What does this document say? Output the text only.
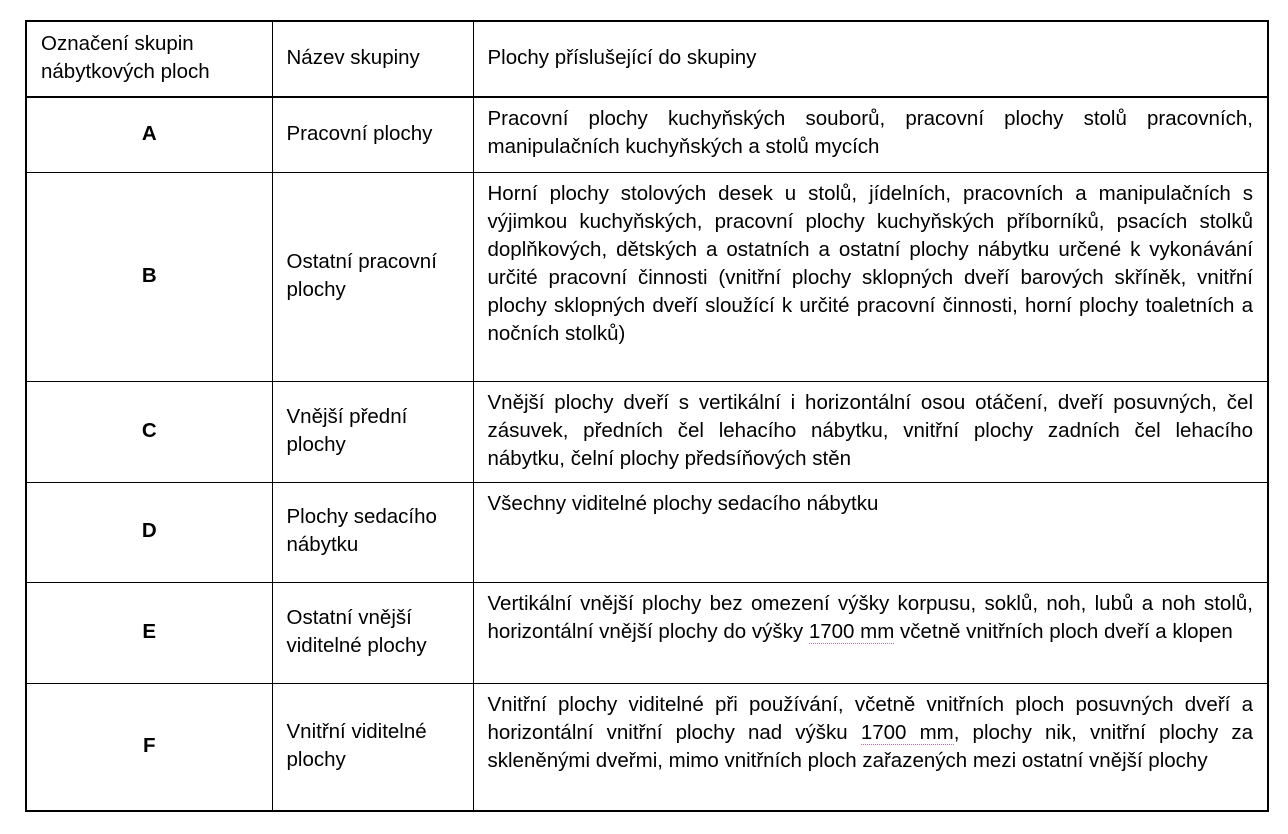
Označení skupin nábytkových ploch	Název skupiny	Plochy příslušející do skupiny
A	Pracovní plochy	Pracovní plochy kuchyňských souborů, pracovní plochy stolů pracovních, manipulačních kuchyňských a stolů mycích
B	Ostatní pracovní plochy	Horní plochy stolových desek u stolů, jídelních, pracovních a manipulačních s výjimkou kuchyňských, pracovní plochy kuchyňských příborníků, psacích stolků doplňkových, dětských a ostatních a ostatní plochy nábytku určené k vykonávání určité pracovní činnosti (vnitřní plochy sklopných dveří barových skříněk, vnitřní plochy sklopných dveří sloužící k určité pracovní činnosti, horní plochy toaletních a nočních stolků)
C	Vnější přední plochy	Vnější plochy dveří s vertikální i horizontální osou otáčení, dveří posuvných, čel zásuvek, předních čel lehacího nábytku, vnitřní plochy zadních čel lehacího nábytku, čelní plochy předsíňových stěn
D	Plochy sedacího nábytku	Všechny viditelné plochy sedacího nábytku
E	Ostatní vnější viditelné plochy	Vertikální vnější plochy bez omezení výšky korpusu, soklů, noh, lubů a noh stolů, horizontální vnější plochy do výšky 1700 mm včetně vnitřních ploch dveří a klopen
F	Vnitřní viditelné plochy	Vnitřní plochy viditelné při používání, včetně vnitřních ploch posuvných dveří a horizontální vnitřní plochy nad výšku 1700 mm, plochy nik, vnitřní plochy za skleněnými dveřmi, mimo vnitřních ploch zařazených mezi ostatní vnější plochy
